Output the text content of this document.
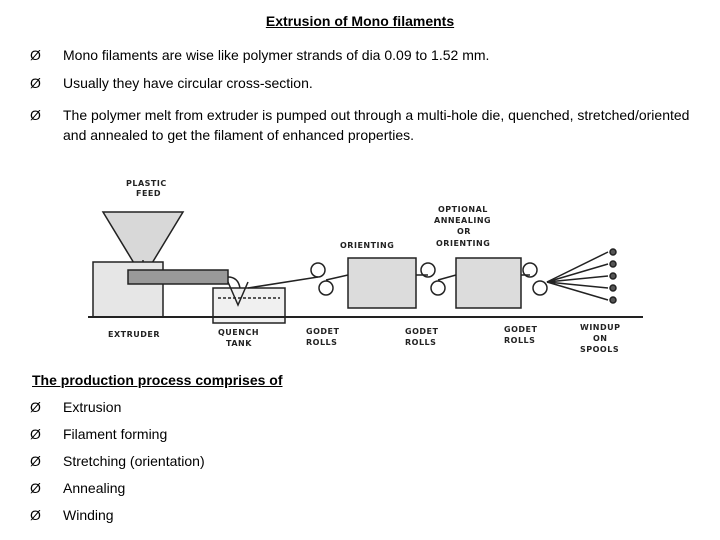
Extrusion of Mono filaments
Ø	Mono filaments are wise like polymer strands of dia 0.09 to 1.52 mm.
Ø	Usually they have circular cross-section.
Ø	The polymer melt from extruder is pumped out through a multi-hole die, quenched, stretched/oriented and annealed to get the filament of enhanced properties.
PLASTIC
FEED
OPTIONAL
ANNEALING
OR
ORIENTING
ORIENTING
EXTRUDER	QUENCH
TANK
GODET
ROLLS
GODET
ROLLS
GODET
ROLLS
WINDUP
ON
SPOOLS
The production process comprises of
Ø Extrusion
Ø Filament forming
Ø Stretching (orientation)
Ø Annealing
Ø Winding
